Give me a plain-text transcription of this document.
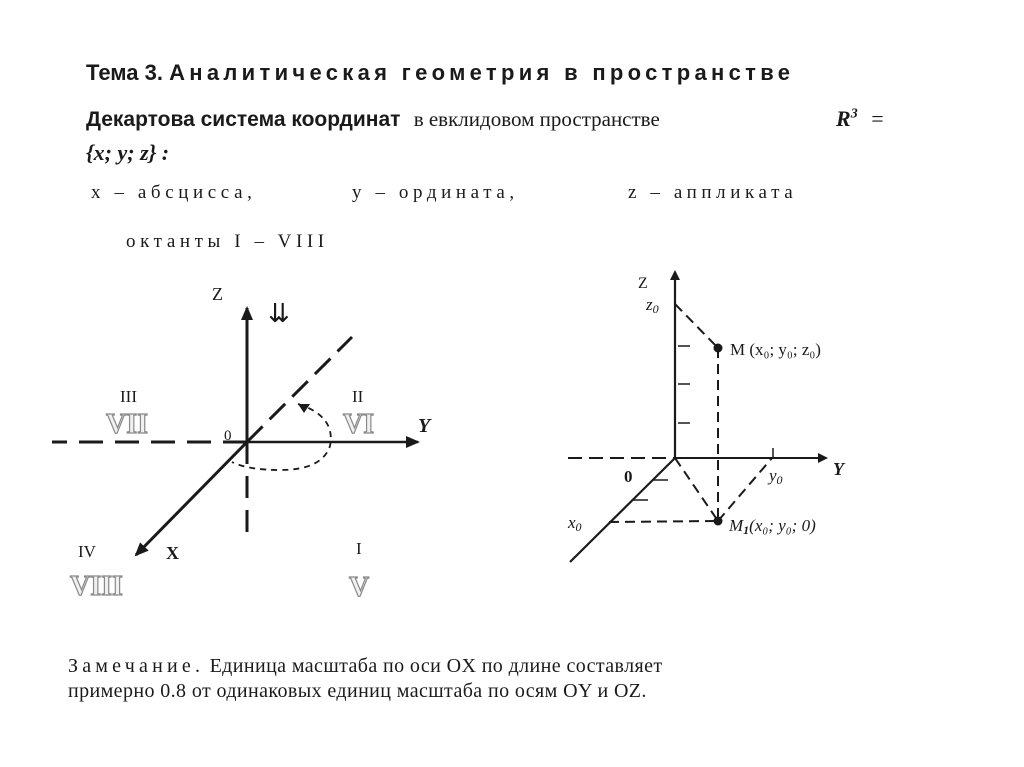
Тема 3. Аналитическая геометрия в пространстве
Декартова система координат в евклидовом пространстве	$R^3$ =
{x; y; z} :
x – абсцисса,	y – ордината,	z – аппликата
октанты I – VIII
Z
⇊
Y
X
0
III	II
IV	I
VII	VI
VIII	V
Z
z0
M (x₀; y₀; z₀)
Y
y0
0
x0	M1(x₀; y₀; 0)
Замечание. Единица масштаба по оси OX по длине составляет
примерно 0.8 от одинаковых единиц масштаба по осям OY и OZ.
